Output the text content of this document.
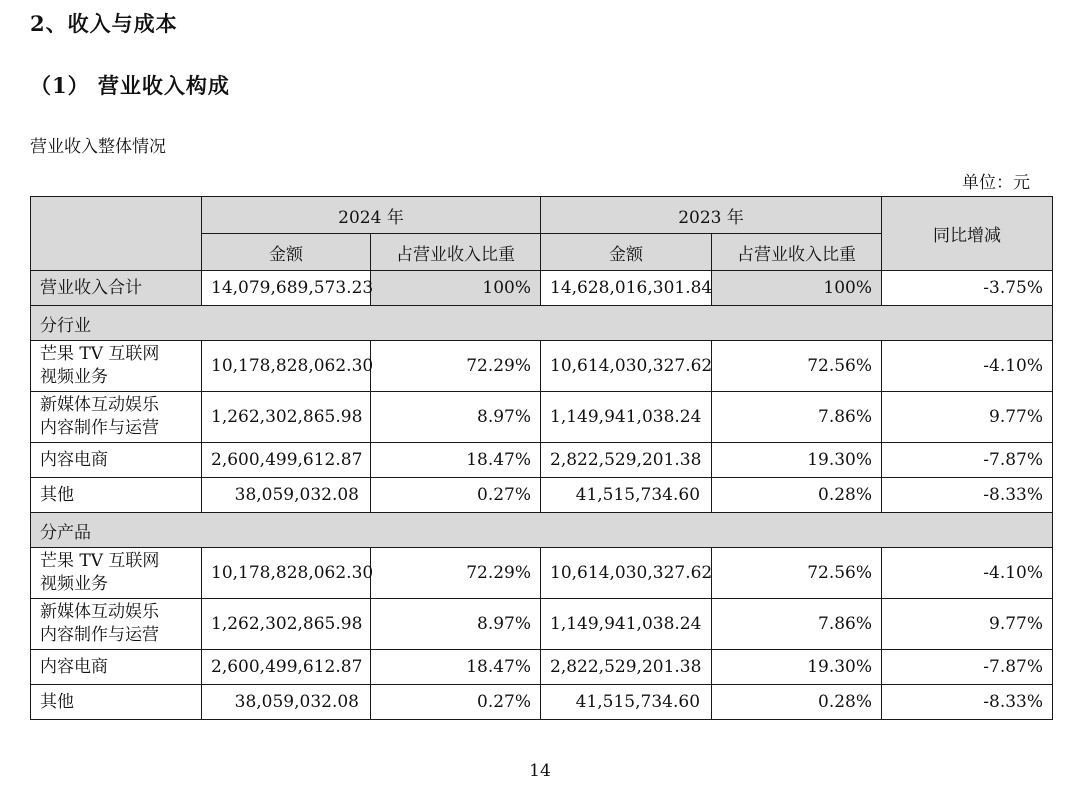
2、收入与成本
（1） 营业收入构成
营业收入整体情况
单位：元
	2024 年		2023 年		同比增减
	金额	占营业收入比重	金额	占营业收入比重	
营业收入合计	14,079,689,573.23	100%	14,628,016,301.84	100%	-3.75%
分行业					

芒果 TV 互联网
视频业务	10,178,828,062.30	72.29%	10,614,030,327.62	72.56%	-4.10%

新媒体互动娱乐
内容制作与运营	1,262,302,865.98	8.97%	1,149,941,038.24	7.86%	9.77%
内容电商	2,600,499,612.87	18.47%	2,822,529,201.38	19.30%	-7.87%
其他	38,059,032.08	0.27%	41,515,734.60	0.28%	-8.33%
分产品					

芒果 TV 互联网
视频业务	10,178,828,062.30	72.29%	10,614,030,327.62	72.56%	-4.10%

新媒体互动娱乐
内容制作与运营	1,262,302,865.98	8.97%	1,149,941,038.24	7.86%	9.77%
内容电商	2,600,499,612.87	18.47%	2,822,529,201.38	19.30%	-7.87%
其他	38,059,032.08	0.27%	41,515,734.60	0.28%	-8.33%
14
